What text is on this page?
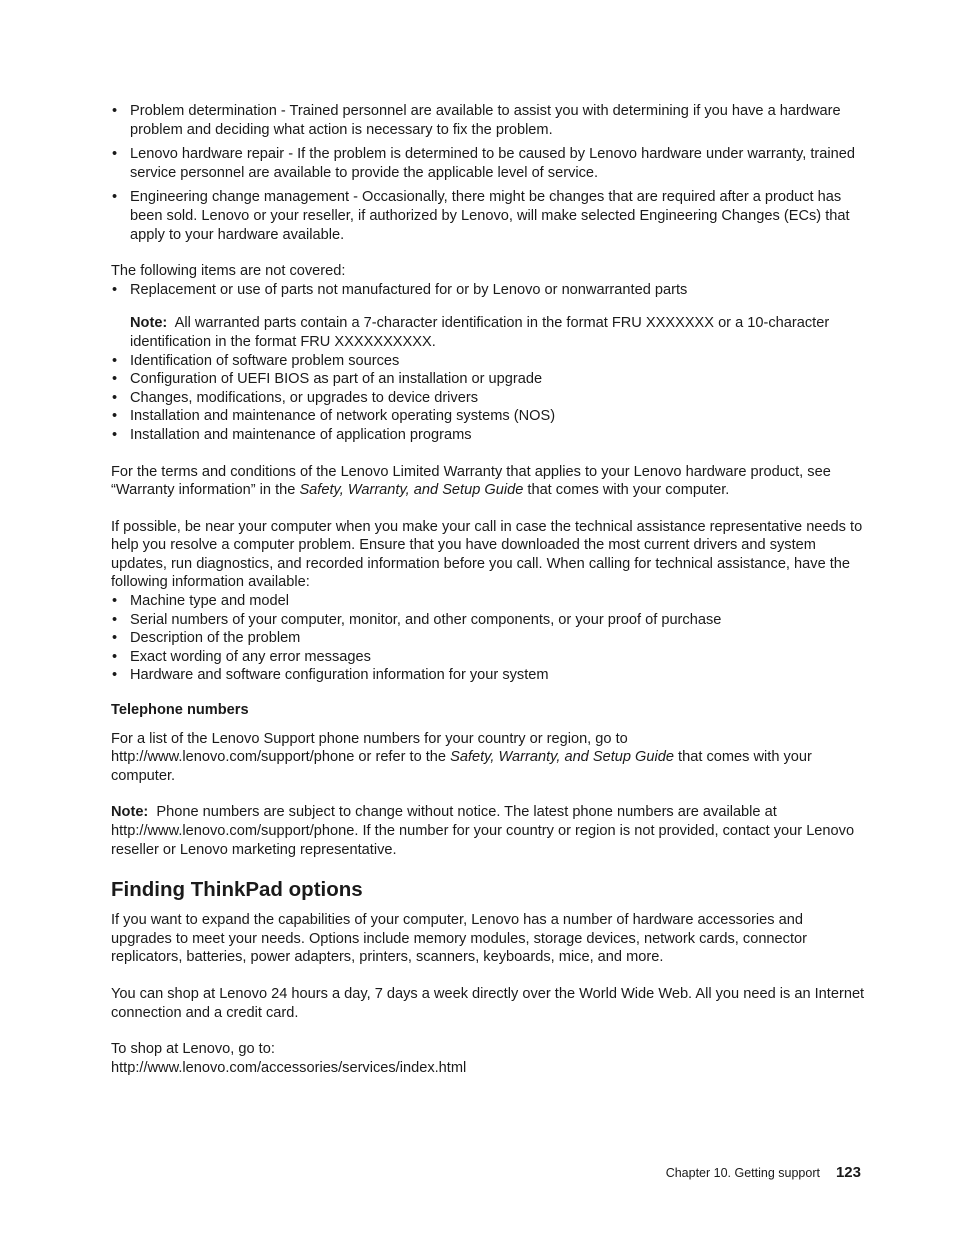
• Problem determination - Trained personnel are available to assist you with determining if you have a hardware problem and deciding what action is necessary to fix the problem.
• Lenovo hardware repair - If the problem is determined to be caused by Lenovo hardware under warranty, trained service personnel are available to provide the applicable level of service.
• Engineering change management - Occasionally, there might be changes that are required after a product has been sold. Lenovo or your reseller, if authorized by Lenovo, will make selected Engineering Changes (ECs) that apply to your hardware available.

The following items are not covered:

• Replacement or use of parts not manufactured for or by Lenovo or nonwarranted parts

Note: All warranted parts contain a 7-character identification in the format FRU XXXXXXX or a 10-character identification in the format FRU XXXXXXXXXX.

• Identification of software problem sources
• Configuration of UEFI BIOS as part of an installation or upgrade
• Changes, modifications, or upgrades to device drivers
• Installation and maintenance of network operating systems (NOS)
• Installation and maintenance of application programs

For the terms and conditions of the Lenovo Limited Warranty that applies to your Lenovo hardware product, see “Warranty information” in the Safety, Warranty, and Setup Guide that comes with your computer.

If possible, be near your computer when you make your call in case the technical assistance representative needs to help you resolve a computer problem. Ensure that you have downloaded the most current drivers and system updates, run diagnostics, and recorded information before you call. When calling for technical assistance, have the following information available:

• Machine type and model
• Serial numbers of your computer, monitor, and other components, or your proof of purchase
• Description of the problem
• Exact wording of any error messages
• Hardware and software configuration information for your system

Telephone numbers

For a list of the Lenovo Support phone numbers for your country or region, go to http://www.lenovo.com/support/phone or refer to the Safety, Warranty, and Setup Guide that comes with your computer.

Note: Phone numbers are subject to change without notice. The latest phone numbers are available at http://www.lenovo.com/support/phone. If the number for your country or region is not provided, contact your Lenovo reseller or Lenovo marketing representative.

Finding ThinkPad options

If you want to expand the capabilities of your computer, Lenovo has a number of hardware accessories and upgrades to meet your needs. Options include memory modules, storage devices, network cards, connector replicators, batteries, power adapters, printers, scanners, keyboards, mice, and more.

You can shop at Lenovo 24 hours a day, 7 days a week directly over the World Wide Web. All you need is an Internet connection and a credit card.

To shop at Lenovo, go to:

http://www.lenovo.com/accessories/services/index.html

Chapter 10. Getting support 123
